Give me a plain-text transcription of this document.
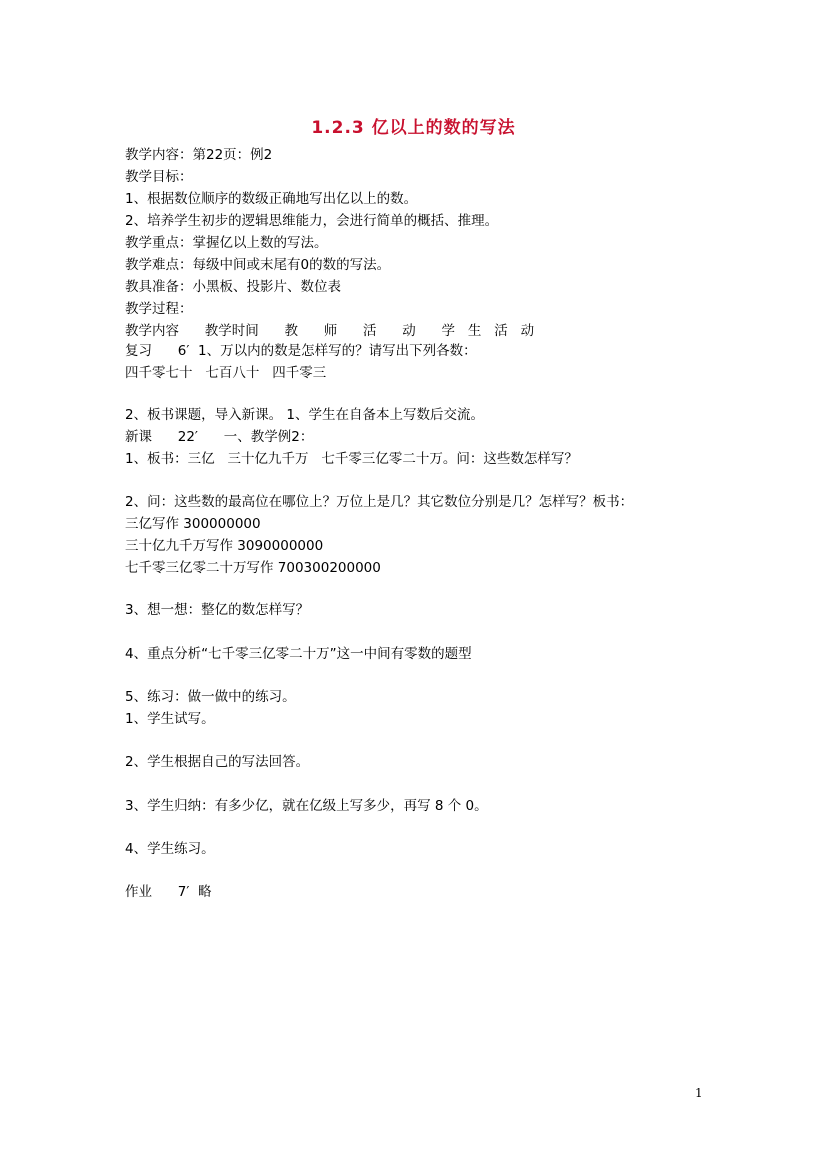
1.2.3 亿以上的数的写法
教学内容：第22页：例2
教学目标：
1、根据数位顺序的数级正确地写出亿以上的数。
2、培养学生初步的逻辑思维能力，会进行简单的概括、推理。
教学重点：掌握亿以上数的写法。
教学难点：每级中间或末尾有0的数的写法。
教具准备：小黑板、投影片、数位表
教学过程：
教学内容      教学时间      教      师      活      动      学   生   活   动
复习      6′  1、万以内的数是怎样写的？请写出下列各数：
四千零七十   七百八十   四千零三
2、板书课题，导入新课。 1、学生在自备本上写数后交流。
新课      22′      一、教学例2：
1、板书：三亿   三十亿九千万   七千零三亿零二十万。问：这些数怎样写？
2、问：这些数的最高位在哪位上？万位上是几？其它数位分别是几？怎样写？板书：
三亿写作 300000000
三十亿九千万写作 3090000000
七千零三亿零二十万写作 700300200000
3、想一想：整亿的数怎样写？
4、重点分析“七千零三亿零二十万”这一中间有零数的题型
5、练习：做一做中的练习。
1、学生试写。
2、学生根据自己的写法回答。
3、学生归纳：有多少亿，就在亿级上写多少，再写 8 个 0。
4、学生练习。
作业      7′  略
1
